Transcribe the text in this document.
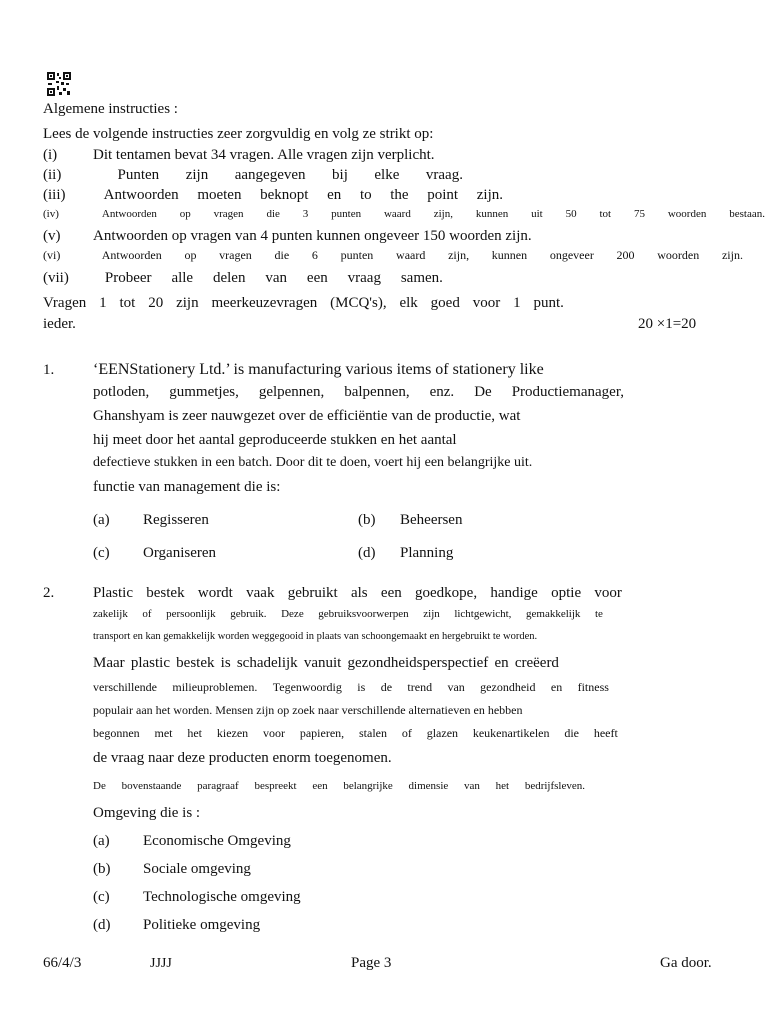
Algemene instructies :
Lees de volgende instructies zeer zorgvuldig en volg ze strikt op:
(i) Dit tentamen bevat 34 vragen. Alle vragen zijn verplicht.
(ii)	Punten zijn aangegeven bij elke vraag.
(iii)	Antwoorden moeten beknopt en to the point zijn.
(iv)	Antwoorden op vragen die 3 punten waard zijn, kunnen uit 50 tot 75 woorden bestaan.
(v) Antwoorden op vragen van 4 punten kunnen ongeveer 150 woorden zijn.
(vi)	Antwoorden op vragen die 6 punten waard zijn, kunnen ongeveer 200 woorden zijn.
(vii)	Probeer alle delen van een vraag samen.
Vragen 1 tot 20 zijn meerkeuzevragen (MCQ's), elk goed voor 1 punt.
ieder.	20 ×1=20
1. ‘EENStationery Ltd.’ is manufacturing various items of stationery like
potloden, gummetjes, gelpennen, balpennen, enz. De Productiemanager,
Ghanshyam is zeer nauwgezet over de efficiëntie van de productie, wat
hij meet door het aantal geproduceerde stukken en het aantal
defectieve stukken in een batch. Door dit te doen, voert hij een belangrijke uit.
functie van management die is:
(a) Regisseren	(b) Beheersen
(c) Organiseren	(d) Planning
2.	Plastic bestek wordt vaak gebruikt als een goedkope, handige optie voor
zakelijk of persoonlijk gebruik. Deze gebruiksvoorwerpen zijn lichtgewicht, gemakkelijk te
transport en kan gemakkelijk worden weggegooid in plaats van schoongemaakt en hergebruikt te worden.
Maar plastic bestek is schadelijk vanuit gezondheidsperspectief en creëerd
verschillende milieuproblemen. Tegenwoordig is de trend van gezondheid en fitness
populair aan het worden. Mensen zijn op zoek naar verschillende alternatieven en hebben
begonnen met het kiezen voor papieren, stalen of glazen keukenartikelen die heeft
de vraag naar deze producten enorm toegenomen.
De bovenstaande paragraaf bespreekt een belangrijke dimensie van het bedrijfsleven.
Omgeving die is :
(a) Economische Omgeving
(b) Sociale omgeving
(c) Technologische omgeving
(d) Politieke omgeving
66/4/3	JJJJ	Page 3	Ga door.
